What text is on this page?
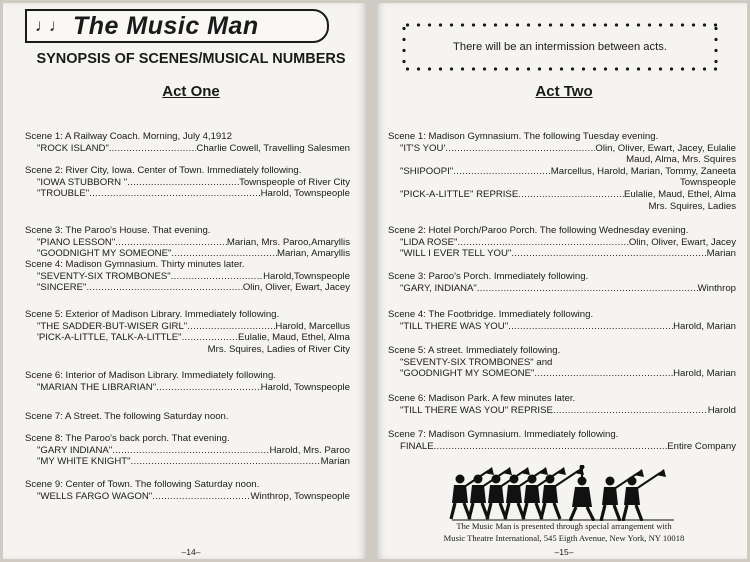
♩♩ The Music Man
SYNOPSIS OF SCENES/MUSICAL NUMBERS
Act One
Scene 1: A Railway Coach. Morning, July 4,1912
"ROCK ISLAND". .....	Charlie Cowell, Travelling Salesmen
Scene 2: River City, Iowa. Center of Town. Immediately following.
"IOWA STUBBORN " .....	Townspeople of River City
"TROUBLE" .....	Harold, Townspeople
Scene 3: The Paroo's House. That evening.
"PIANO LESSON" .....	Marian, Mrs. Paroo,Amaryllis
"GOODNIGHT MY SOMEONE" .....	Marian, Amaryllis
Scene 4: Madison Gymnasium. Thirty minutes later.
"SEVENTY-SIX TROMBONES" .....	Harold,Townspeople
"SINCERE" .....	Olin, Oliver, Ewart, Jacey
Scene 5: Exterior of Madison Library. Immediately following.
"THE SADDER-BUT-WISER GIRL" .....	Harold, Marcellus
'PICK-A-LITTLE, TALK-A-LITTLE" .....	Eulalie, Maud, Ethel, Alma
Mrs. Squires, Ladies of River City
Scene 6: Interior of Madison Library. Immediately following.
"MARIAN THE LIBRARIAN" .....	Harold, Townspeople
Scene 7: A Street. The following Saturday noon.
Scene 8: The Paroo's back porch. That evening.
"GARY INDIANA" .....	Harold, Mrs. Paroo
"MY WHITE KNIGHT" .....	Marian
Scene 9: Center of Town. The following Saturday noon.
"WELLS FARGO WAGON" .....	Winthrop, Townspeople
–14–
There will be an intermission between acts.
Act Two
Scene 1: Madison Gymnasium. The following Tuesday evening.
"IT'S YOU' .....	Olin, Oliver, Ewart, Jacey, Eulalie
Maud, Alma, Mrs. Squires
"SHIPOOPI" .....	Marcellus, Harold, Marian, Tommy, Zaneeta
Townspeople
"PICK-A-LITTLE" REPRISE .....	Eulalie, Maud, Ethel, Alma
Mrs. Squires, Ladies
Scene 2: Hotel Porch/Paroo Porch. The following Wednesday evening.
"LIDA ROSE" .....	Olin, Oliver, Ewart, Jacey
"WILL I EVER TELL YOU" .....	Marian
Scene 3: Paroo's Porch. Immediately following.
"GARY, INDIANA" .....	Winthrop
Scene 4: The Footbridge. Immediately following.
"TILL THERE WAS YOU" .....	Harold, Marian
Scene 5: A street. Immediately following.
"SEVENTY-SIX TROMBONES" and
"GOODNIGHT MY SOMEONE" .....	Harold, Marian
Scene 6: Madison Park. A few minutes later.
"TILL THERE WAS YOU" REPRISE .....	Harold
Scene 7: Madison Gymnasium. Immediately following.
FINALE .....	Entire Company
The Music Man is presented through special arrangement with
Music Theatre International, 545 Eigth Avenue, New York, NY 10018
–15–
